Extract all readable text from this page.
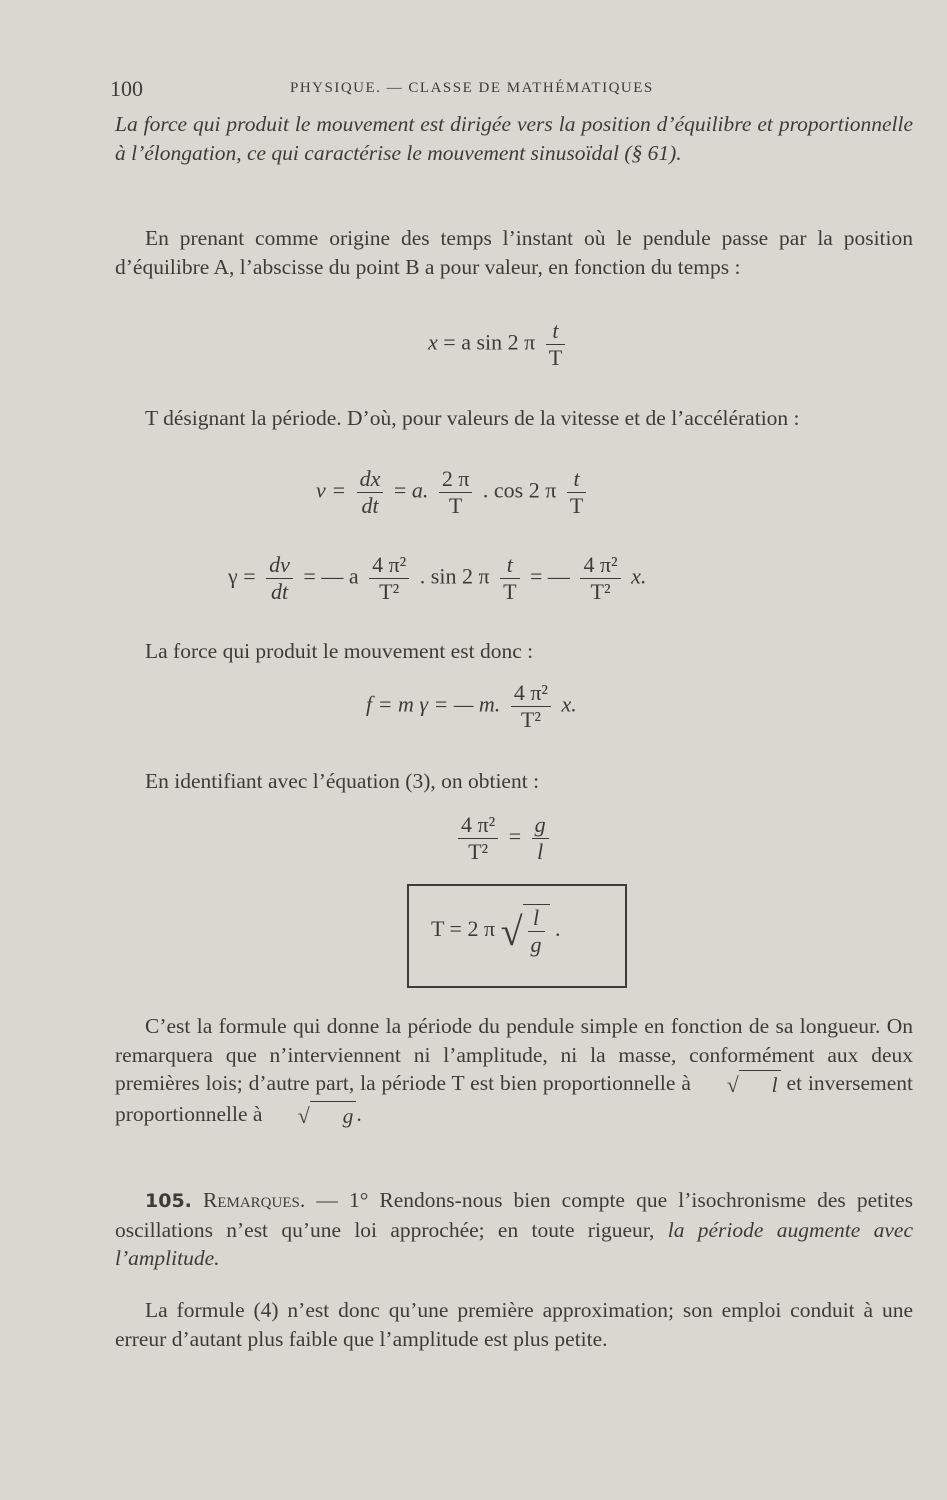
100	PHYSIQUE. — CLASSE DE MATHÉMATIQUES

La force qui produit le mouvement est dirigée vers la position d’équilibre et proportionnelle à l’élongation, ce qui caractérise le mouvement sinusoïdal (§ 61).

En prenant comme origine des temps l’instant où le pendule passe par la position d’équilibre A, l’abscisse du point B a pour valeur, en fonction du temps :

x = a sin 2 π $\frac{t}{T}$

T désignant la période. D’où, pour valeurs de la vitesse et de l’accélération :

$v = \frac{dx}{dt} = a$. $\frac{2 \pi}{T}$ . cos 2 π $\frac{t}{T}$
$\gamma = \frac{dv}{dt}$ = — a $\frac{\text{4 π²}}{\text{T²}}$ . sin 2 π $\frac{t}{T}$ = — $\frac{\text{4 π²}}{\text{T²}} x$.

La force qui produit le mouvement est donc :

f = m γ = — m. $\frac{\text{4 π²}}{\text{T²}} x$.

En identifiant avec l’équation (3), on obtient :

$\frac{\text{4 π²}}{\text{T²}} = \frac{g}{l}$
T = 2 π √ $\frac{l}{g}$ .

C’est la formule qui donne la période du pendule simple en fonction de sa longueur. On remarquera que n’interviennent ni l’amplitude, ni la masse, conformément aux deux premières lois; d’autre part, la période T est bien proportionnelle à √ l et inversement proportionnelle à √ g .

105. Remarques. — 1° Rendons-nous bien compte que l’isochronisme des petites oscillations n’est qu’une loi approchée; en toute rigueur, la période augmente avec l’amplitude.

La formule (4) n’est donc qu’une première approximation; son emploi conduit à une erreur d’autant plus faible que l’amplitude est plus petite.
